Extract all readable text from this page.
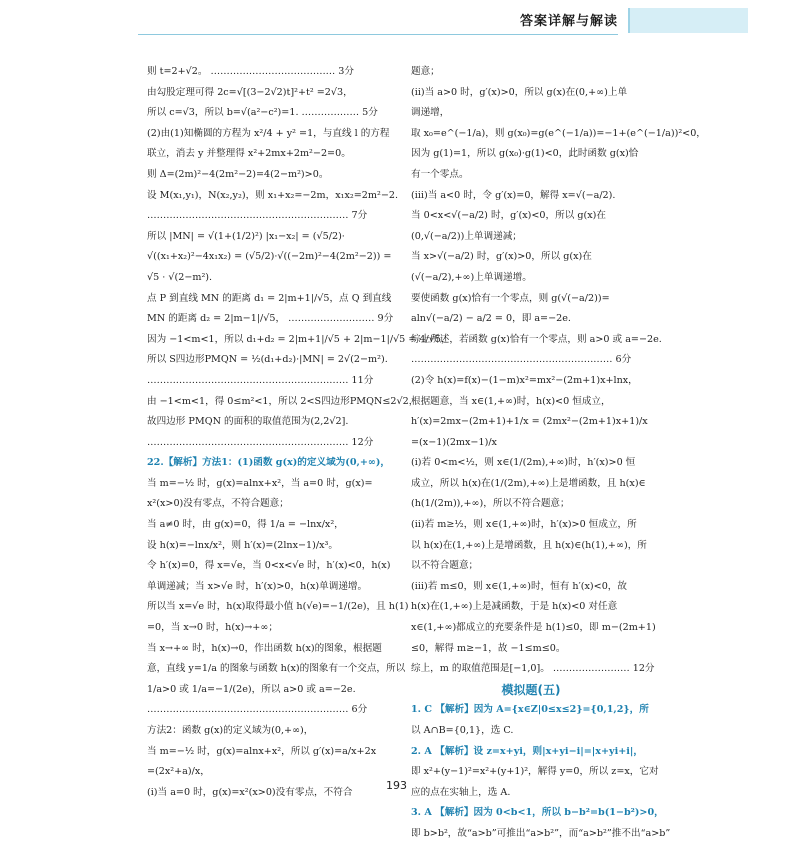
答案详解与解读

则 t=2+√2。 ………………………………… 3分

由勾股定理可得 2c=√[(3−2√2)t]²+t² =2√3，

所以 c=√3，所以 b=√(a²−c²)=1. ……………… 5分

(2)由(1)知椭圆的方程为 x²/4 + y² =1，与直线 l 的方程

联立，消去 y 并整理得 x²+2mx+2m²−2=0。

则 Δ=(2m)²−4(2m²−2)=4(2−m²)>0。

设 M(x₁,y₁)，N(x₂,y₂)，则 x₁+x₂=−2m，x₁x₂=2m²−2.

……………………………………………………… 7分

所以 |MN| = √(1+(1/2)²) |x₁−x₂| = (√5/2)·

√((x₁+x₂)²−4x₁x₂) = (√5/2)·√((−2m)²−4(2m²−2)) =

√5 · √(2−m²).

点 P 到直线 MN 的距离 d₁ = 2|m+1|/√5，点 Q 到直线

MN 的距离 d₂ = 2|m−1|/√5， ……………………… 9分

因为 −1<m<1，所以 d₁+d₂ = 2|m+1|/√5 + 2|m−1|/√5 = 4/√5，

所以 S四边形PMQN = ½(d₁+d₂)·|MN| = 2√(2−m²).

……………………………………………………… 11分

由 −1<m<1，得 0≤m²<1，所以 2<S四边形PMQN≤2√2，

故四边形 PMQN 的面积的取值范围为(2,2√2].

……………………………………………………… 12分

22.【解析】方法1：(1)函数 g(x)的定义域为(0,+∞)，

当 m=−½ 时，g(x)=alnx+x²，当 a=0 时，g(x)=

x²(x>0)没有零点，不符合题意；

当 a≠0 时，由 g(x)=0，得 1/a = −lnx/x²，

设 h(x)=−lnx/x²，则 h′(x)=(2lnx−1)/x³。

令 h′(x)=0，得 x=√e，当 0<x<√e 时，h′(x)<0，h(x)

单调递减；当 x>√e 时，h′(x)>0，h(x)单调递增。

所以当 x=√e 时，h(x)取得最小值 h(√e)=−1/(2e)，且 h(1)

=0，当 x→0 时，h(x)→+∞；

当 x→+∞ 时，h(x)→0，作出函数 h(x)的图象，根据题

意，直线 y=1/a 的图象与函数 h(x)的图象有一个交点，所以

1/a>0 或 1/a=−1/(2e)，所以 a>0 或 a=−2e.

……………………………………………………… 6分

方法2：函数 g(x)的定义域为(0,+∞)，

当 m=−½ 时，g(x)=alnx+x²，所以 g′(x)=a/x+2x

=(2x²+a)/x，

(ⅰ)当 a=0 时，g(x)=x²(x>0)没有零点，不符合

题意；

(ⅱ)当 a>0 时，g′(x)>0，所以 g(x)在(0,+∞)上单

调递增，

取 x₀=e^(−1/a)，则 g(x₀)=g(e^(−1/a))=−1+(e^(−1/a))²<0，

因为 g(1)=1，所以 g(x₀)·g(1)<0，此时函数 g(x)恰

有一个零点。

(ⅲ)当 a<0 时，令 g′(x)=0，解得 x=√(−a/2).

当 0<x<√(−a/2) 时，g′(x)<0，所以 g(x)在

(0,√(−a/2))上单调递减；

当 x>√(−a/2) 时，g′(x)>0，所以 g(x)在

(√(−a/2),+∞)上单调递增。

要使函数 g(x)恰有一个零点，则 g(√(−a/2))=

aln√(−a/2) − a/2 = 0，即 a=−2e.

综上所述，若函数 g(x)恰有一个零点，则 a>0 或 a=−2e.

……………………………………………………… 6分

(2)令 h(x)=f(x)−(1−m)x²=mx²−(2m+1)x+lnx，

根据题意，当 x∈(1,+∞)时，h(x)<0 恒成立，

h′(x)=2mx−(2m+1)+1/x = (2mx²−(2m+1)x+1)/x

=(x−1)(2mx−1)/x

(ⅰ)若 0<m<½，则 x∈(1/(2m),+∞)时，h′(x)>0 恒

成立，所以 h(x)在(1/(2m),+∞)上是增函数，且 h(x)∈

(h(1/(2m)),+∞)，所以不符合题意；

(ⅱ)若 m≥½，则 x∈(1,+∞)时，h′(x)>0 恒成立，所

以 h(x)在(1,+∞)上是增函数，且 h(x)∈(h(1),+∞)，所

以不符合题意；

(ⅲ)若 m≤0，则 x∈(1,+∞)时，恒有 h′(x)<0，故

h(x)在(1,+∞)上是减函数，于是 h(x)<0 对任意

x∈(1,+∞)都成立的充要条件是 h(1)≤0，即 m−(2m+1)

≤0，解得 m≥−1，故 −1≤m≤0。

综上，m 的取值范围是[−1,0]。 …………………… 12分

模拟题(五)

1. C 【解析】因为 A={x∈Z|0≤x≤2}={0,1,2}，所

以 A∩B={0,1}，选 C.

2. A 【解析】设 z=x+yi，则|x+yi−i|=|x+yi+i|，

即 x²+(y−1)²=x²+(y+1)²，解得 y=0，所以 z=x，它对

应的点在实轴上，选 A.

3. A 【解析】因为 0<b<1，所以 b−b²=b(1−b²)>0，

即 b>b²，故“a>b”可推出“a>b²”，而“a>b²”推不出“a>b”

193
